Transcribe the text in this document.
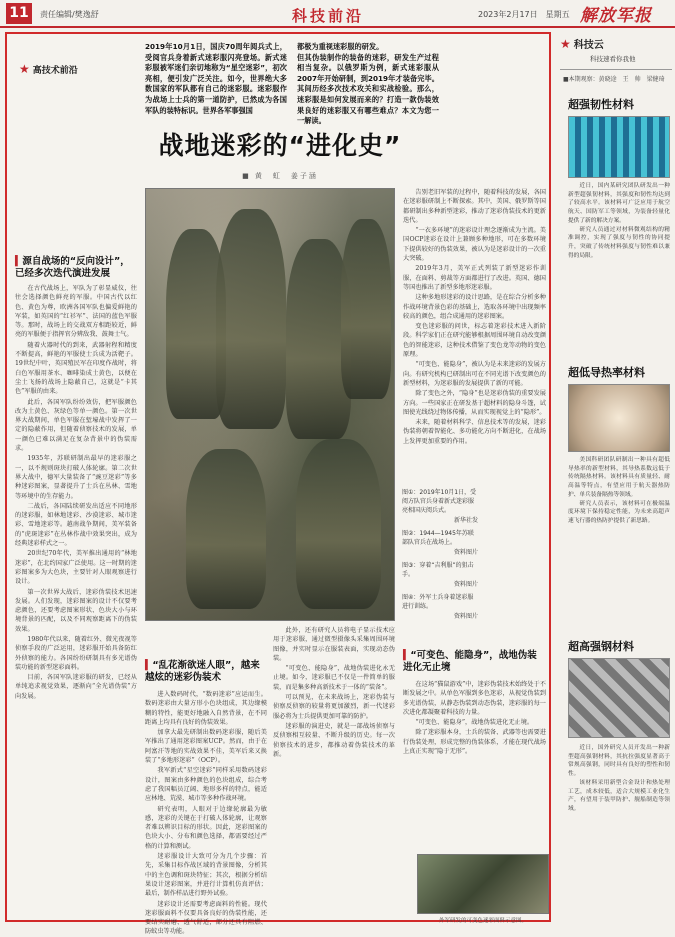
11	责任编辑/樊逸舒	科技前沿	2023年2月17日　星期五 解放军报
★ 高技术前沿
2019年10月1日，国庆70周年阅兵式上，受阅官兵身着新式迷彩服闪亮登场。新式迷彩服被军迷们亲切地称为“星空迷彩”，初次亮相，便引发广泛关注。如今，世界绝大多数国家的军队都有自己的迷彩服。迷彩服作为战场上士兵的第一道防护，已然成为各国军队的装特标识。世界各军事强国
都极为重视迷彩服的研发。
但其伪装制作的装备的迷彩，研发生产过程相当复杂。以俄罗斯为例，新式迷彩服从2007年开始研制，到2019年才装备完毕。其间历经多次技术攻关和实战检验。那么，迷彩服是如何发展而来的？打造一款伪装效果良好的迷彩服又有哪些难点？本文为您一一解读。
战地迷彩的“进化史”
■ 黄　虹　姜子涵
▍源自战场的“反向设计”，已经多次迭代演进发展

在古代战场上，军队为了彰显威仪，往往会选择颜色鲜亮的军服。中国古代以红色、黄色为尊，欧洲各国军队也偏爱鲜艳的军装，如英国的“红衫军”、法国的蓝色军服等。那时，战场上的交战双方相距较近，鲜亮的军服便于指挥官分辨敌我、鼓舞士气。

随着火器时代的到来，武器射程和精度不断提高，鲜艳的军服使士兵成为活靶子。19世纪中叶，英国殖民军在印度作战时，将白色军服用茶水、咖啡染成土黄色，以便在尘土飞扬的战场上隐蔽自己，这就是“卡其色”军服的由来。

此后，各国军队纷纷效仿，把军服颜色改为土黄色、灰绿色等单一颜色。第一次世界大战期间，单色军服在堑壕战中发挥了一定的隐蔽作用，但随着侦察技术的发展，单一颜色已难以满足在复杂背景中的伪装需求。

1935年，苏联研制出最早的迷彩服之一，以不规则斑块打破人体轮廓。第二次世界大战中，德军大量装备了“豌豆迷彩”等多种迷彩图案，显著提升了士兵在丛林、雪地等环境中的生存能力。

二战后，各国陆续研发出适应不同地形的迷彩服，如林地迷彩、沙漠迷彩、城市迷彩、雪地迷彩等。越南战争期间，美军装备的“虎斑迷彩”在丛林作战中效果突出，成为经典迷彩样式之一。

20世纪70年代，美军推出通用的“林地迷彩”，在北约国家广泛使用。这一时期的迷彩图案多为大色块，主要针对人眼观察进行设计。

第一次世界大战后，迷彩伪装技术迅速发展。人们发现，迷彩图案的设计不仅要考虑颜色，还要考虑图案形状、色块大小与环境背景的匹配，以及不同观察距离下的伪装效果。

1980年代以来，随着红外、微光夜视等侦察手段的广泛运用，迷彩服开始具备防红外侦察的能力。各国纷纷研制具有多光谱伪装功能的新型迷彩面料。

目前，各国军队迷彩服的研发，已经从单纯追求视觉效果，逐渐向“全光谱伪装”方向发展。

图①：2019年10月1日，受阅方队官兵身着新式迷彩服亮相国庆阅兵式。
新华社发
图②：1944—1945年苏联部队官兵在战场上。
资料图片
图③：穿着“吉利服”的狙击手。
资料图片
图④：外军士兵身着迷彩服进行训练。
资料图片
▍“乱花渐欲迷人眼”，越来越炫的迷彩伪装术

进入数码时代，“数码迷彩”应运而生。数码迷彩由大量方形小色块组成，其边缘模糊的特性，能更好地融入自然背景，在不同距离上均具有良好的伪装效果。

加拿大最先研制出数码迷彩服，随后美军推出了通用迷彩图案UCP。然而，由于在阿富汗等地的实战效果不佳，美军后来又换装了“多地形迷彩”（OCP）。

我军新式“星空迷彩”同样采用数码迷彩设计，图案由多种颜色的色块组成，综合考虑了我国幅员辽阔、地形多样的特点，能适应林地、荒漠、城市等多种作战环境。

研究表明，人眼对于边缘轮廓最为敏感，迷彩的关键在于打破人体轮廓，让观察者难以辨识目标的形状。因此，迷彩图案的色块大小、分布和颜色选择，都需要经过严格的计算和测试。

迷彩服设计大致可分为几个步骤：首先，采集目标作战区域的背景图像，分析其中的主色调和斑块特征；其次，根据分析结果设计迷彩图案，并进行计算机仿真评估；最后，制作样品进行野外试验。

迷彩设计还需要考虑面料的性能。现代迷彩服面料不仅要具备良好的伪装性能，还要结实耐磨、透气舒适，部分还具有阻燃、防蚊虫等功能。

此外，还有研究人员将电子显示技术应用于迷彩服，通过微型摄像头采集周围环境图像，并实时显示在服装表面，实现动态伪装。

“可变色、能隐身”，战地伪装进化永无止境。如今，迷彩服已不仅是一件简单的服装，而是集多种高新技术于一体的“装备”。

可以预见，在未来战场上，迷彩伪装与侦察反侦察的较量将更加激烈，新一代迷彩服必将为士兵提供更加可靠的防护。

迷彩服的演进史，就是一部战场侦察与反侦察相互较量、不断升级的历史。每一次侦察技术的进步，都推动着伪装技术的革新。

告别老旧军装的过程中，随着科技的发展，各国在迷彩服研制上不断探索。其中，美国、俄罗斯等国都研制出多种新型迷彩，推动了迷彩伪装技术的更新迭代。

“一衣多环境”的迷彩设计理念逐渐成为主流。美国OCP迷彩在设计上兼顾多种地形，可在多数环境下提供较好的伪装效果，被认为是迷彩设计的一次重大突破。

2019年3月，美军正式列装了新型迷彩作训服，在面料、剪裁等方面都进行了改进。英国、德国等国也推出了新型多地形迷彩服。

这种多地形迷彩的设计思路，是在综合分析多种作战环境背景色彩的基础上，选取各环境中出现频率较高的颜色，组合成通用的迷彩图案。

变色迷彩服的问世，标志着迷彩技术进入新阶段。科学家们正在研究能够根据周围环境自动改变颜色的智能迷彩，这种技术借鉴了变色龙等动物的变色原理。

“可变色、能隐身”，被认为是未来迷彩的发展方向。有研究机构已研制出可在不同光谱下改变颜色的新型材料，为迷彩服的发展提供了新的可能。

除了变色之外，“隐身”也是迷彩伪装的重要发展方向。一些国家正在研发基于超材料的隐身斗篷，试图使光线绕过物体传播，从而实现视觉上的“隐形”。

未来，随着材料科学、信息技术等的发展，迷彩伪装将朝着智能化、多功能化方向不断进化，在战场上发挥更加重要的作用。

▍“可变色、能隐身”，战地伪装进化无止境

在这场“猫鼠游戏”中，迷彩伪装技术始终处于不断发展之中。从单色军服到多色迷彩，从视觉伪装到多光谱伪装，从静态伪装到动态伪装，迷彩服的每一次进化都凝聚着科技的力量。

“可变色、能隐身”，战地伪装进化无止境。

除了迷彩服本身，士兵的装备、武器等也需要进行伪装处理，形成完整的伪装体系，才能在现代战场上真正实现“隐于无形”。

外军研发的可变色迷彩面料示意图。
★ 科技云
科技速看你我他
■本期观察：黄晓途　王　帅　梁健琦
超强韧性材料

近日，国内某研究团队研发出一种新型超强韧材料，其强度和韧性均达到了较高水平。该材料可广泛应用于航空航天、国防军工等领域，为装备轻量化提供了新的解决方案。

研究人员通过对材料微观结构的精准调控，实现了强度与韧性的协同提升，突破了传统材料强度与韧性难以兼得的局限。

超低导热率材料

美国科研团队研制出一种具有超低导热率的新型材料，其导热系数远低于传统隔热材料。该材料具有质量轻、耐高温等特点，有望应用于航天器热防护、单兵装备隔热等领域。

研究人员表示，该材料可在极端温度环境下保持稳定性能，为未来高超声速飞行器的热防护提供了新思路。

超高强钢材料

近日，国外研究人员开发出一种新型超高强钢材料，其抗拉强度显著高于常规高强钢，同时具有良好的塑性和韧性。

该材料采用新型合金设计和热处理工艺，成本较低，适合大规模工业化生产，有望用于装甲防护、舰船制造等领域。
